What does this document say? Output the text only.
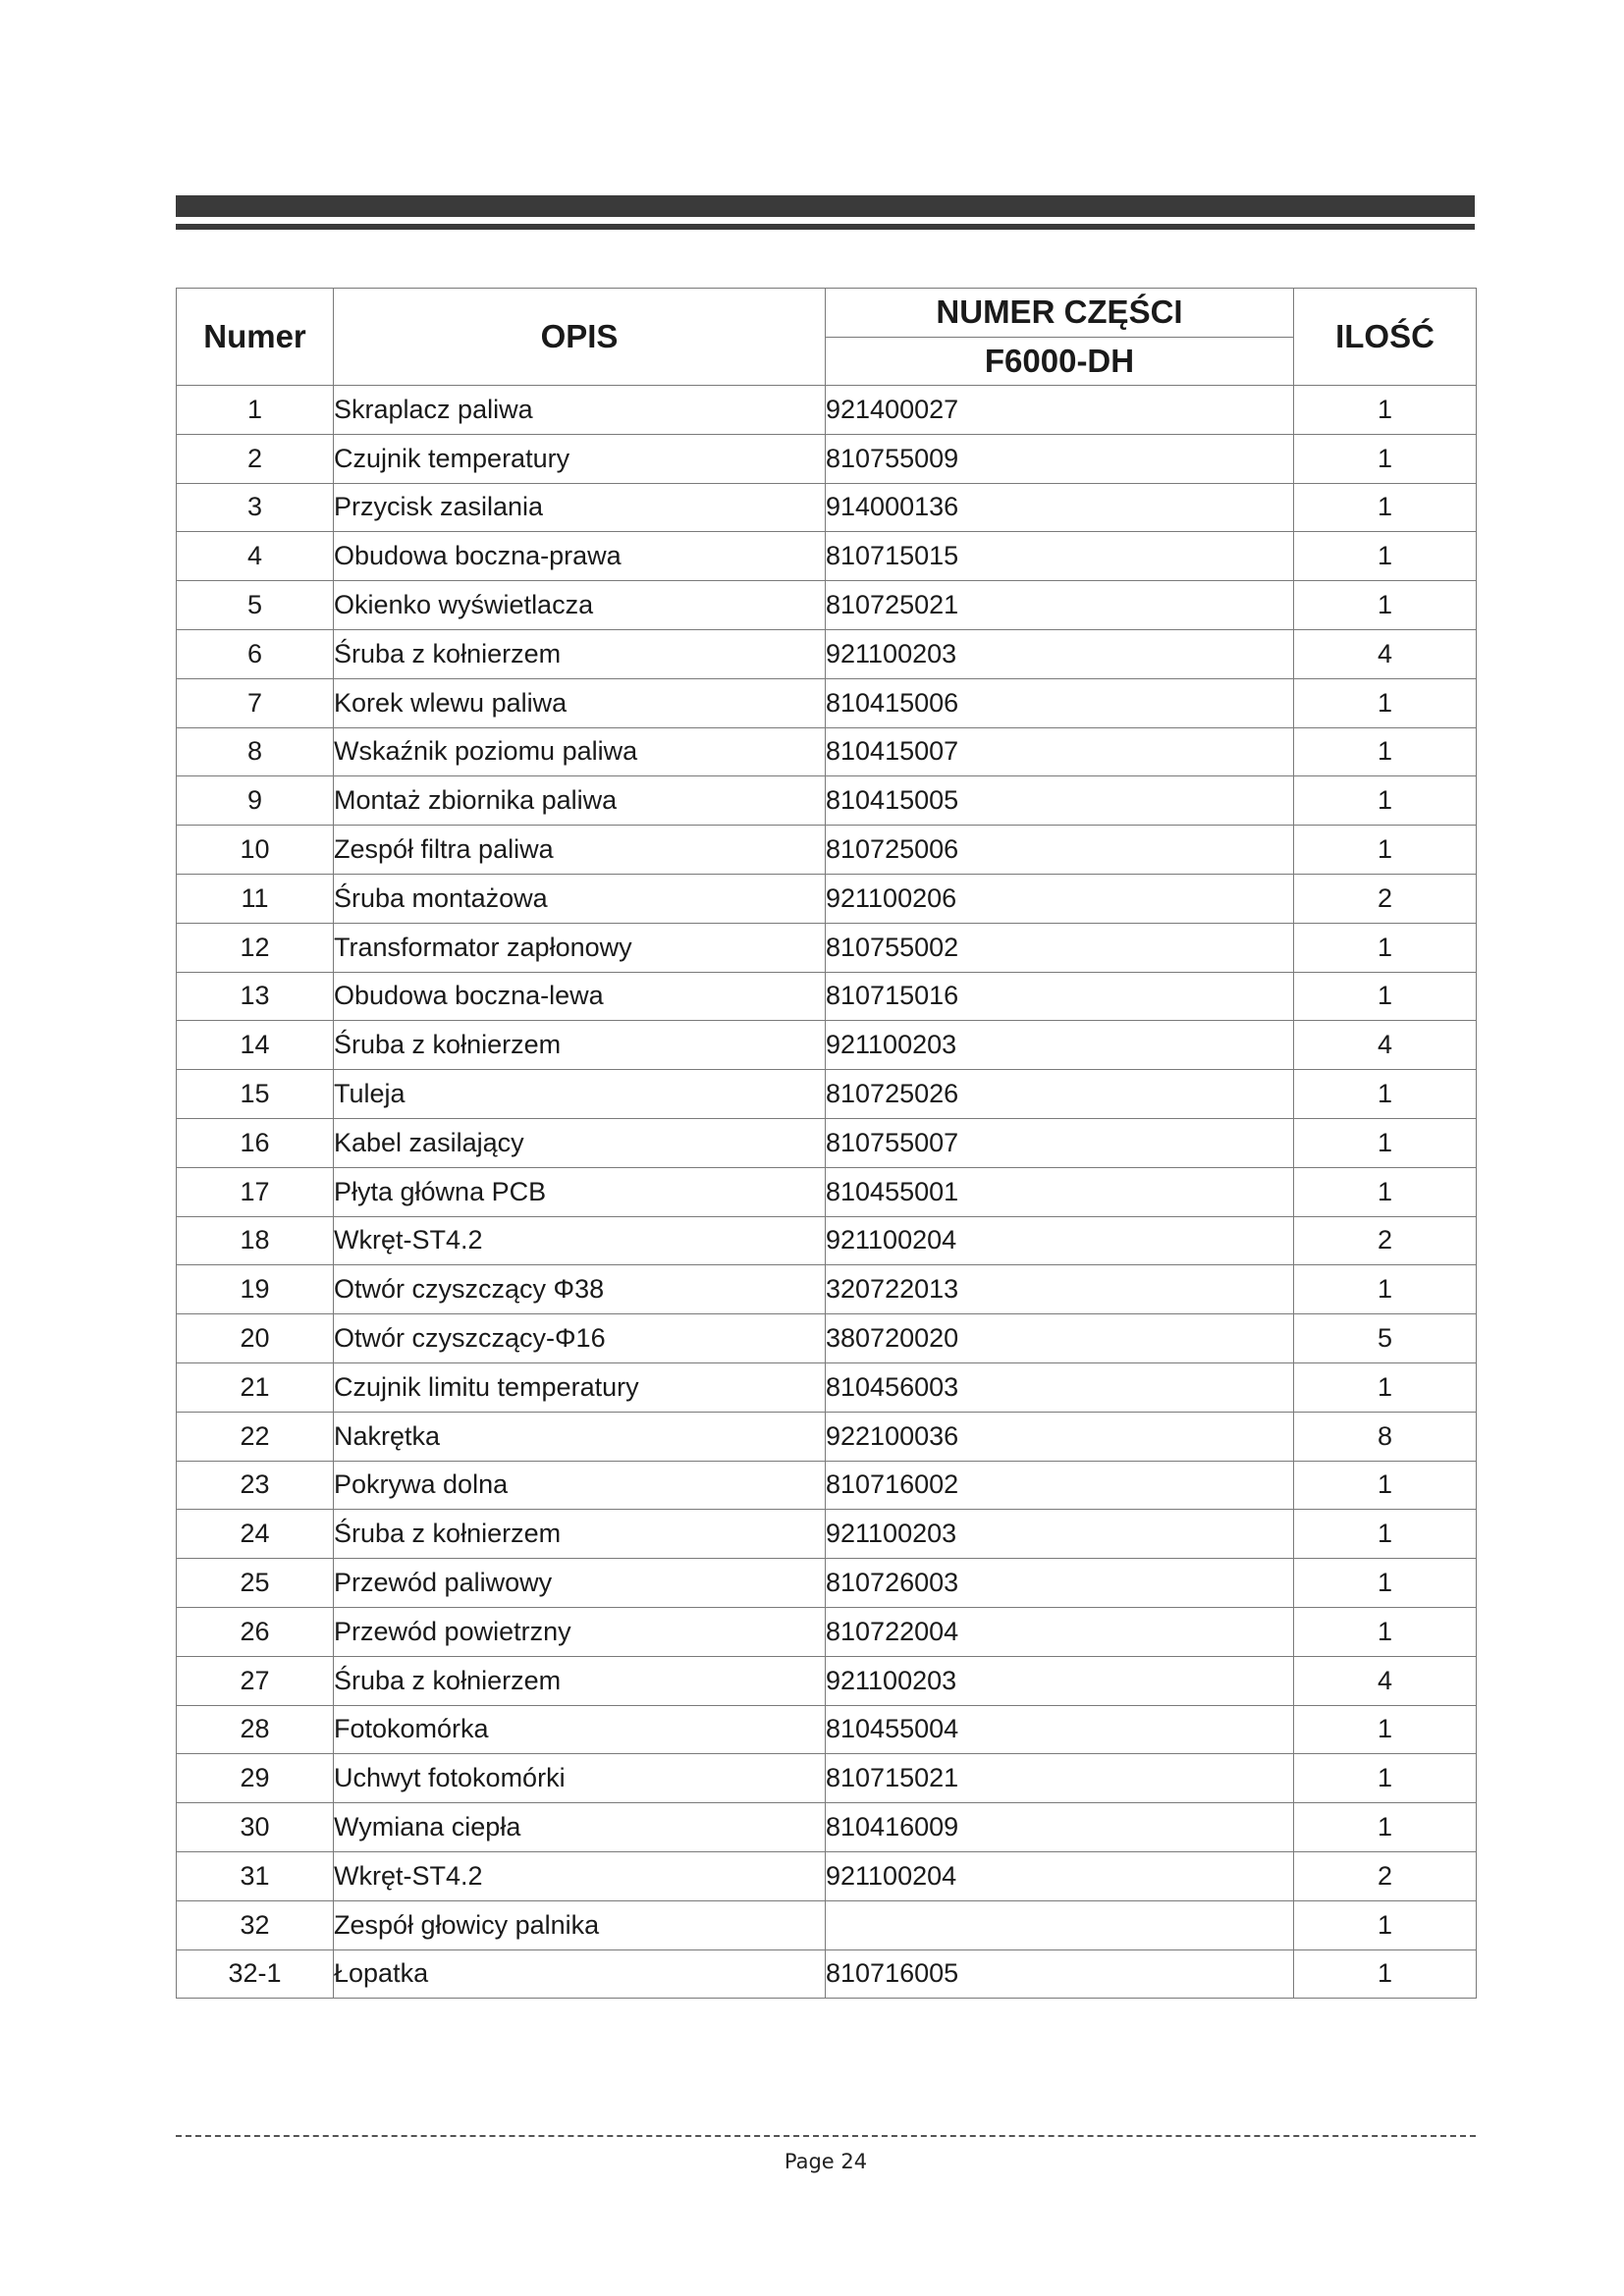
Numer	OPIS	NUMER CZĘŚCI	ILOŚĆ
		F6000-DH	
1	Skraplacz paliwa	921400027	1
2	Czujnik temperatury	810755009	1
3	Przycisk zasilania	914000136	1
4	Obudowa boczna-prawa	810715015	1
5	Okienko wyświetlacza	810725021	1
6	Śruba z kołnierzem	921100203	4
7	Korek wlewu paliwa	810415006	1
8	Wskaźnik poziomu paliwa	810415007	1
9	Montaż zbiornika paliwa	810415005	1
10	Zespół filtra paliwa	810725006	1
11	Śruba montażowa	921100206	2
12	Transformator zapłonowy	810755002	1
13	Obudowa boczna-lewa	810715016	1
14	Śruba z kołnierzem	921100203	4
15	Tuleja	810725026	1
16	Kabel zasilający	810755007	1
17	Płyta główna PCB	810455001	1
18	Wkręt-ST4.2	921100204	2
19	Otwór czyszczący Φ38	320722013	1
20	Otwór czyszczący-Φ16	380720020	5
21	Czujnik limitu temperatury	810456003	1
22	Nakrętka	922100036	8
23	Pokrywa dolna	810716002	1
24	Śruba z kołnierzem	921100203	1
25	Przewód paliwowy	810726003	1
26	Przewód powietrzny	810722004	1
27	Śruba z kołnierzem	921100203	4
28	Fotokomórka	810455004	1
29	Uchwyt fotokomórki	810715021	1
30	Wymiana ciepła	810416009	1
31	Wkręt-ST4.2	921100204	2
32	Zespół głowicy palnika		1
32-1	Łopatka	810716005	1
Page 24
